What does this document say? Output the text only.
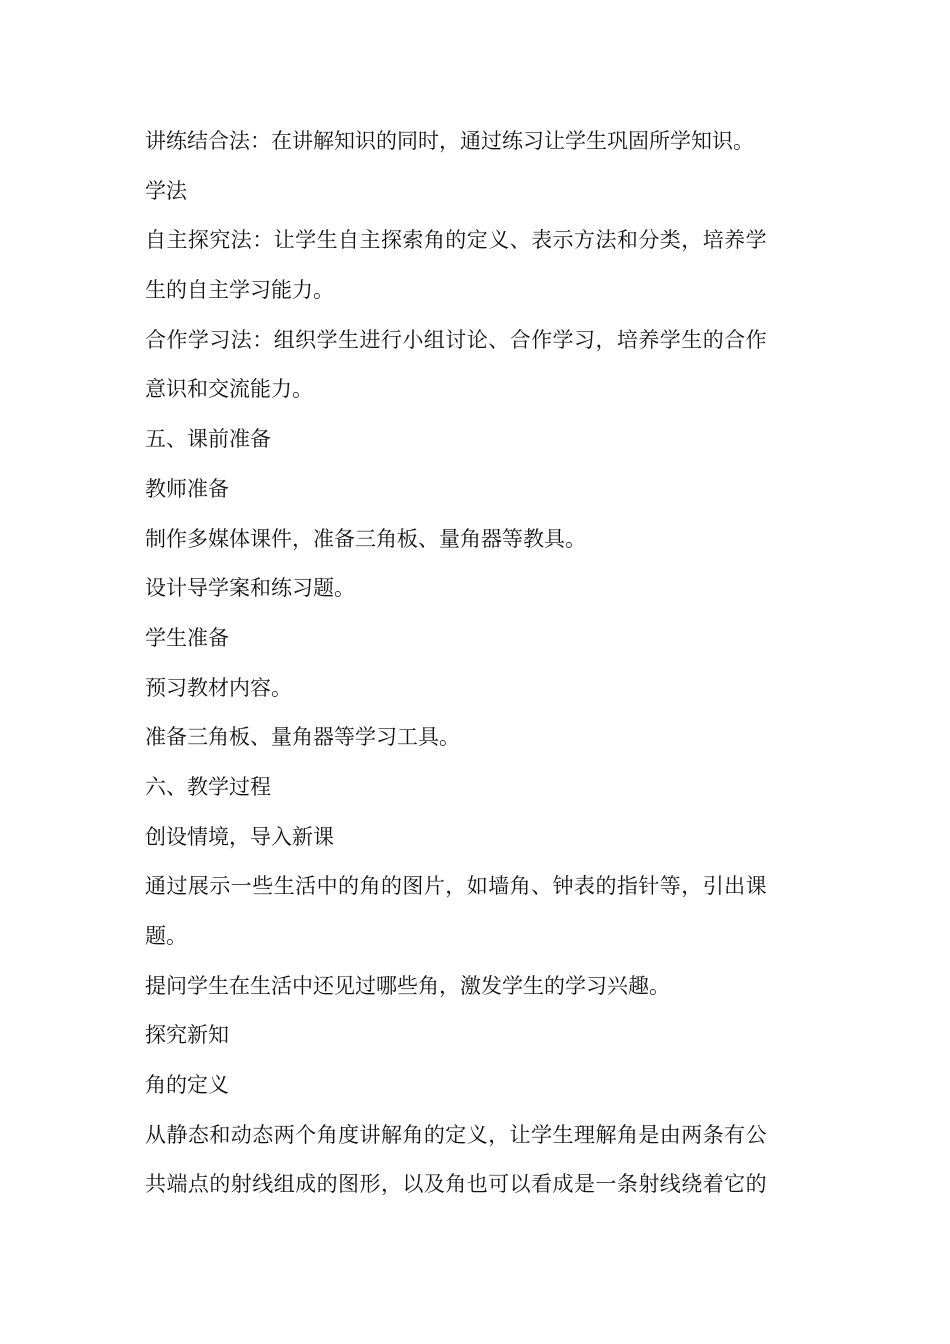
讲练结合法：在讲解知识的同时，通过练习让学生巩固所学知识。

学法

自主探究法：让学生自主探索角的定义、表示方法和分类，培养学

生的自主学习能力。

合作学习法：组织学生进行小组讨论、合作学习，培养学生的合作

意识和交流能力。

五、课前准备

教师准备

制作多媒体课件，准备三角板、量角器等教具。

设计导学案和练习题。

学生准备

预习教材内容。

准备三角板、量角器等学习工具。

六、教学过程

创设情境，导入新课

通过展示一些生活中的角的图片，如墙角、钟表的指针等，引出课

题。

提问学生在生活中还见过哪些角，激发学生的学习兴趣。

探究新知

角的定义

从静态和动态两个角度讲解角的定义，让学生理解角是由两条有公

共端点的射线组成的图形，以及角也可以看成是一条射线绕着它的
